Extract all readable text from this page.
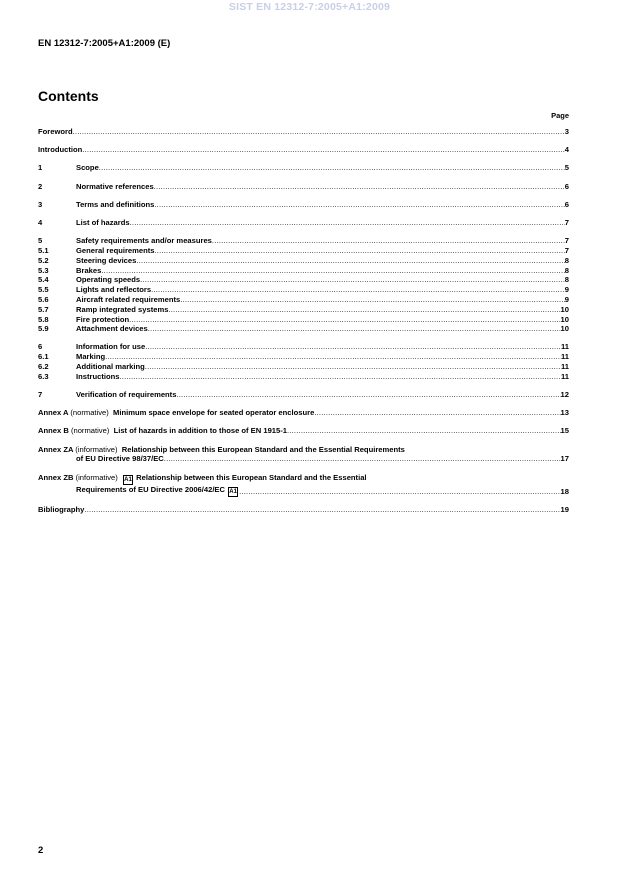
SIST EN 12312-7:2005+A1:2009
EN 12312-7:2005+A1:2009 (E)
Contents
Page
Foreword .....	3
Introduction .....	4
1	Scope .....	5
2	Normative references .....	6
3	Terms and definitions .....	6
4	List of hazards .....	7
5	Safety requirements and/or measures .....	7
5.1	General requirements .....	7
5.2	Steering devices .....	8
5.3	Brakes .....	8
5.4	Operating speeds .....	8
5.5	Lights and reflectors .....	9
5.6	Aircraft related requirements .....	9
5.7	Ramp integrated systems .....	10
5.8	Fire protection .....	10
5.9	Attachment devices .....	10
6	Information for use .....	11
6.1	Marking .....	11
6.2	Additional marking .....	11
6.3	Instructions .....	11
7	Verification of requirements .....	12
Annex A (normative) Minimum space envelope for seated operator enclosure .....	13
Annex B (normative) List of hazards in addition to those of EN 1915-1 .....	15
Annex ZA (informative) Relationship between this European Standard and the Essential Requirements
of EU Directive 98/37/EC .....	17
Annex ZB (informative) A1 Relationship between this European Standard and the Essential
Requirements of EU Directive 2006/42/EC A1 .....	18
Bibliography .....	19
2
